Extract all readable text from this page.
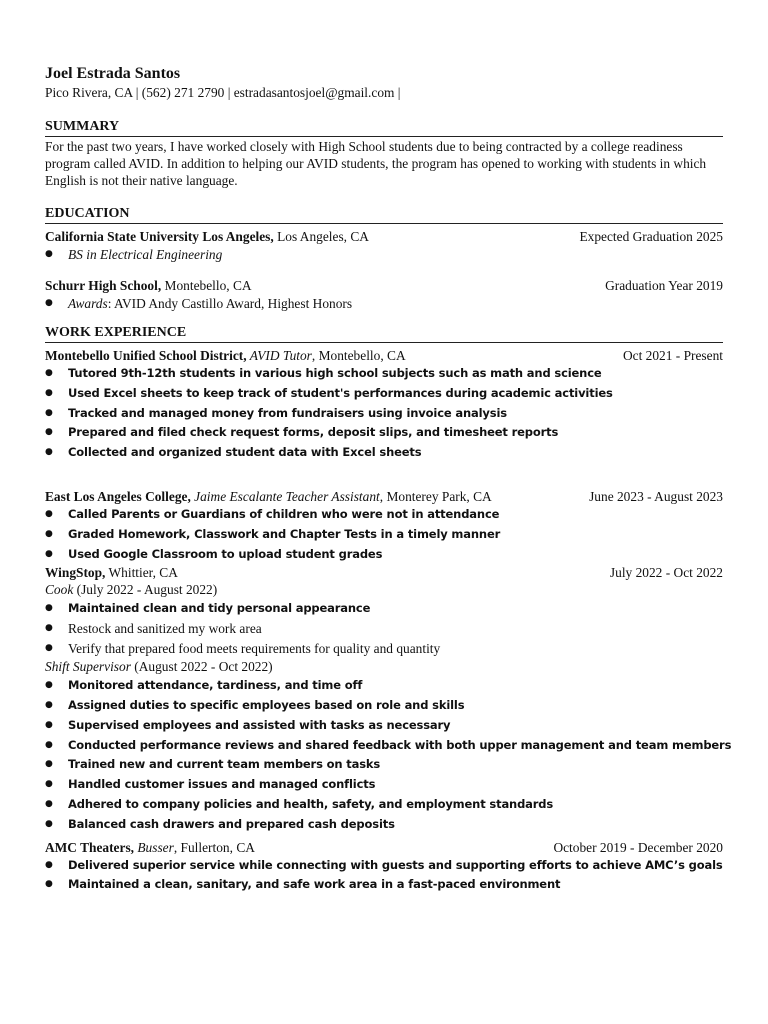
Joel Estrada Santos
Pico Rivera, CA | (562) 271 2790 | estradasantosjoel@gmail.com |
SUMMARY
For the past two years, I have worked closely with High School students due to being contracted by a college readiness program called AVID. In addition to helping our AVID students, the program has opened to working with students in which English is not their native language.
EDUCATION
California State University Los Angeles, Los Angeles, CA	Expected Graduation 2025
● BS in Electrical Engineering
Schurr High School, Montebello, CA	Graduation Year 2019
● Awards: AVID Andy Castillo Award, Highest Honors
WORK EXPERIENCE
Montebello Unified School District, AVID Tutor, Montebello, CA	Oct 2021 - Present
● Tutored 9th-12th students in various high school subjects such as math and science
● Used Excel sheets to keep track of student's performances during academic activities
● Tracked and managed money from fundraisers using invoice analysis
● Prepared and filed check request forms, deposit slips, and timesheet reports
● Collected and organized student data with Excel sheets
East Los Angeles College, Jaime Escalante Teacher Assistant, Monterey Park, CA	June 2023 - August 2023
● Called Parents or Guardians of children who were not in attendance
● Graded Homework, Classwork and Chapter Tests in a timely manner
● Used Google Classroom to upload student grades
WingStop, Whittier, CA	July 2022 - Oct 2022
Cook (July 2022 - August 2022)
● Maintained clean and tidy personal appearance
● Restock and sanitized my work area
● Verify that prepared food meets requirements for quality and quantity
Shift Supervisor (August 2022 - Oct 2022)
● Monitored attendance, tardiness, and time off
● Assigned duties to specific employees based on role and skills
● Supervised employees and assisted with tasks as necessary
● Conducted performance reviews and shared feedback with both upper management and team members
● Trained new and current team members on tasks
● Handled customer issues and managed conflicts
● Adhered to company policies and health, safety, and employment standards
● Balanced cash drawers and prepared cash deposits
AMC Theaters, Busser, Fullerton, CA	October 2019 - December 2020
● Delivered superior service while connecting with guests and supporting efforts to achieve AMC’s goals
● Maintained a clean, sanitary, and safe work area in a fast-paced environment
